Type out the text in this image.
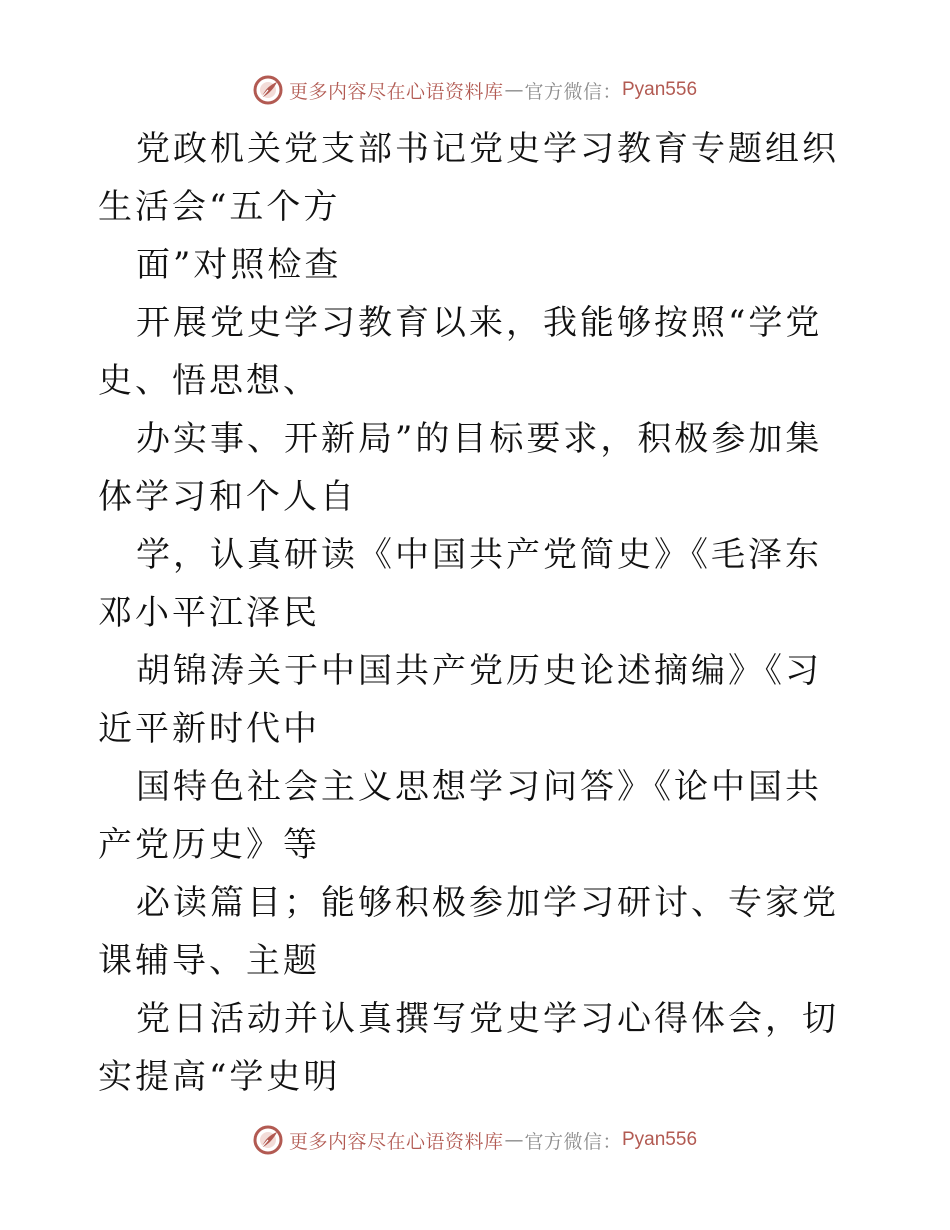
更多内容尽在心语资料库 — 官方微信： Pyan556

党政机关党支部书记党史学习教育专题组织生活会“五个方

面”对照检查

开展党史学习教育以来，我能够按照“学党史、悟思想、

办实事、开新局”的目标要求，积极参加集体学习和个人自

学，认真研读《中国共产党简史》《毛泽东邓小平江泽民

胡锦涛关于中国共产党历史论述摘编》《习近平新时代中

国特色社会主义思想学习问答》《论中国共产党历史》等

必读篇目；能够积极参加学习研讨、专家党课辅导、主题

党日活动并认真撰写党史学习心得体会，切实提高“学史明

更多内容尽在心语资料库 — 官方微信： Pyan556
